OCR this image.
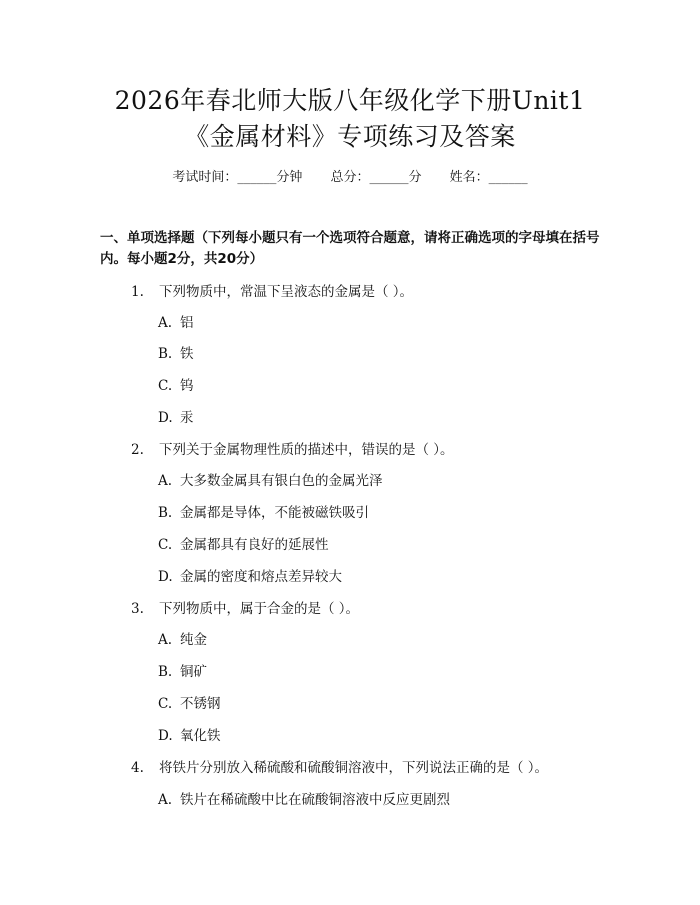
2026年春北师大版八年级化学下册Unit1
《金属材料》专项练习及答案
考试时间：______分钟 总分：______分 姓名：______
一、单项选择题（下列每小题只有一个选项符合题意，请将正确选项的字母填在括号内。每小题2分，共20分）
1. 下列物质中，常温下呈液态的金属是（ ）。
A. 铝
B. 铁
C. 钨
D. 汞
2. 下列关于金属物理性质的描述中，错误的是（ ）。
A. 大多数金属具有银白色的金属光泽
B. 金属都是导体，不能被磁铁吸引
C. 金属都具有良好的延展性
D. 金属的密度和熔点差异较大
3. 下列物质中，属于合金的是（ ）。
A. 纯金
B. 铜矿
C. 不锈钢
D. 氧化铁
4. 将铁片分别放入稀硫酸和硫酸铜溶液中，下列说法正确的是（ ）。
A. 铁片在稀硫酸中比在硫酸铜溶液中反应更剧烈
